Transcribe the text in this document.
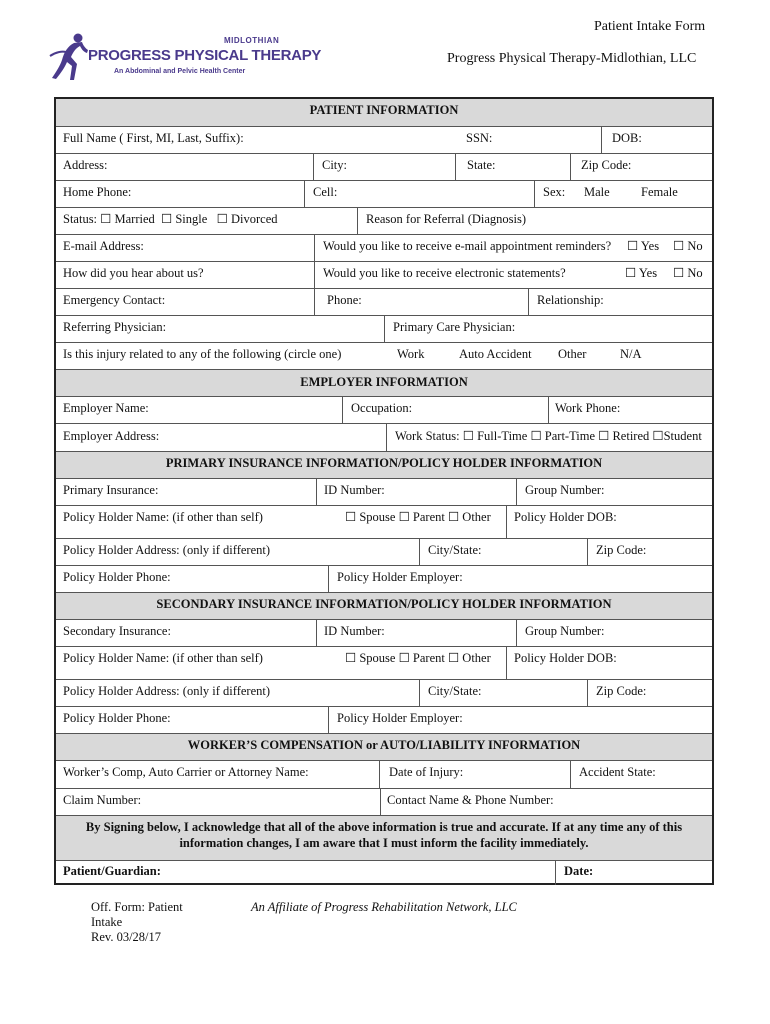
MIDLOTHIAN
PROGRESS PHYSICAL THERAPY
An Abdominal and Pelvic Health Center
Patient Intake Form
Progress Physical Therapy-Midlothian, LLC
PATIENT INFORMATION
Full Name ( First, MI, Last, Suffix):	SSN:	DOB:
Address:	City:	State:	Zip Code:
Home Phone:	Cell:	Sex: Male	Female
Status: ☐ Married  ☐ Single   ☐ Divorced	Reason for Referral (Diagnosis)
E-mail Address:	Would you like to receive e-mail appointment reminders? ☐ Yes ☐ No
How did you hear about us?	Would you like to receive electronic statements?	☐ Yes ☐ No
Emergency Contact:	Phone:	Relationship:
Referring Physician:	Primary Care Physician:
Is this injury related to any of the following (circle one)	Work	Auto Accident Other	N/A
EMPLOYER INFORMATION
Employer Name:	Occupation:	Work Phone:
Employer Address:	Work Status: ☐ Full-Time ☐ Part-Time ☐ Retired ☐Student
PRIMARY INSURANCE INFORMATION/POLICY HOLDER INFORMATION
Primary Insurance:	ID Number:	Group Number:
Policy Holder Name: (if other than self)	☐ Spouse ☐ Parent ☐ Other Policy Holder DOB:
Policy Holder Address: (only if different)	City/State:	Zip Code:
Policy Holder Phone:	Policy Holder Employer:
SECONDARY INSURANCE INFORMATION/POLICY HOLDER INFORMATION
Secondary Insurance:	ID Number:	Group Number:
Policy Holder Name: (if other than self)	☐ Spouse ☐ Parent ☐ Other Policy Holder DOB:
Policy Holder Address: (only if different)	City/State:	Zip Code:
Policy Holder Phone:	Policy Holder Employer:
WORKER’S COMPENSATION or AUTO/LIABILITY INFORMATION
Worker’s Comp, Auto Carrier or Attorney Name:	Date of Injury:	Accident State:
Claim Number:	Contact Name & Phone Number:
By Signing below, I acknowledge that all of the above information is true and accurate. If at any time any of this
information changes, I am aware that I must inform the facility immediately.
Patient/Guardian:	Date:
Off. Form: Patient
Intake
Rev. 03/28/17
An Affiliate of Progress Rehabilitation Network, LLC
